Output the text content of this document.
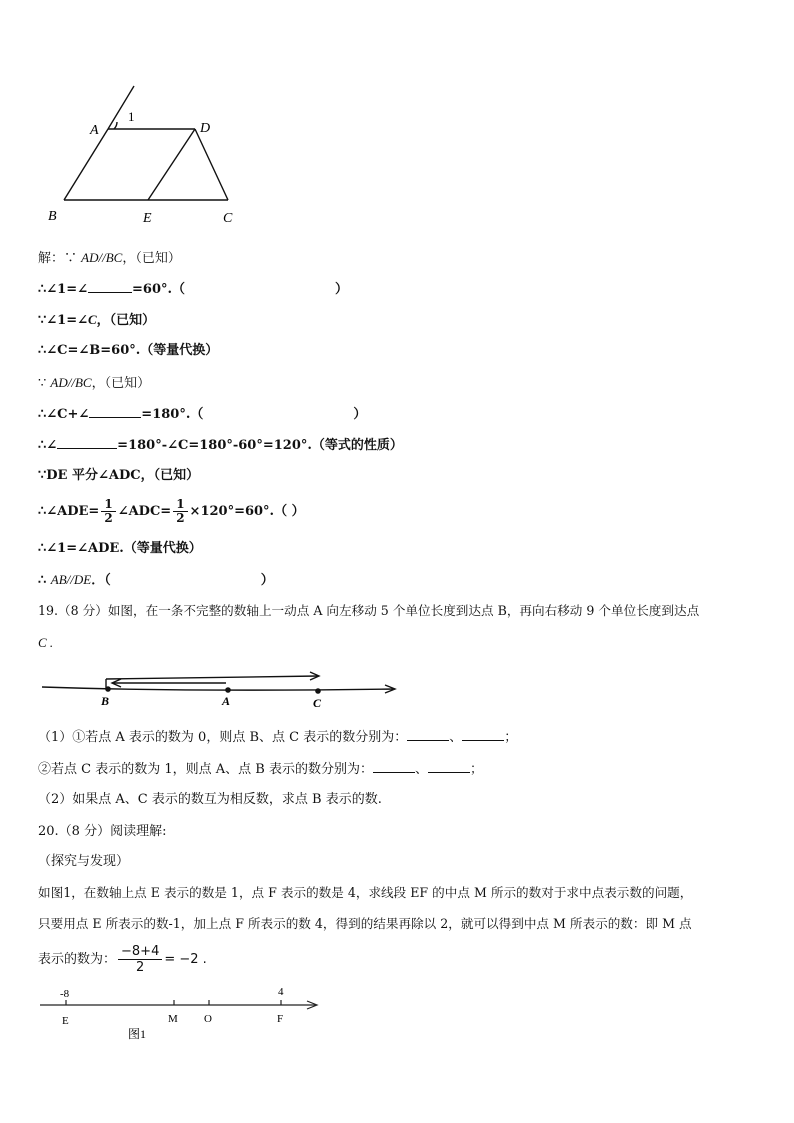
A
1
D
B	E	C
解：∵ AD//BC，（已知）
∴∠1=∠	=60°.（	）
∵∠1=∠C，（已知）
∴∠C=∠B=60°.（等量代换）
∵ AD//BC，（已知）
∴∠C+∠	=180°.（	）
∴∠	=180°-∠C=180°-60°=120°.（等式的性质）
∵DE 平分∠ADC，（已知）
∴∠ADE= $\frac{1}{2}$ ∠ADC= $\frac{1}{2} \times 120^\circ=60^\circ$.（ ）
∴∠1=∠ADE.（等量代换）
∴ AB//DE．（	）
19.（8 分）如图，在一条不完整的数轴上一动点 A 向左移动 5 个单位长度到达点 B，再向右移动 9 个单位长度到达点
C .
B	A	C
（1）①若点 A 表示的数为 0，则点 B、点 C 表示的数分别为：	、	；
②若点 C 表示的数为 1，则点 A、点 B 表示的数分别为：	、	；
（2）如果点 A、C 表示的数互为相反数，求点 B 表示的数.
20.（8 分）阅读理解:
（探究与发现）
如图1，在数轴上点 E 表示的数是 1，点 F 表示的数是 4，求线段 EF 的中点 M 所示的数对于求中点表示数的问题，
只要用点 E 所表示的数-1，加上点 F 所表示的数 4，得到的结果再除以 2，就可以得到中点 M 所表示的数：即 M 点
表示的数为： $\frac{-8+4}{2} = -2$ .
-8	4
E	M O	F
图1
